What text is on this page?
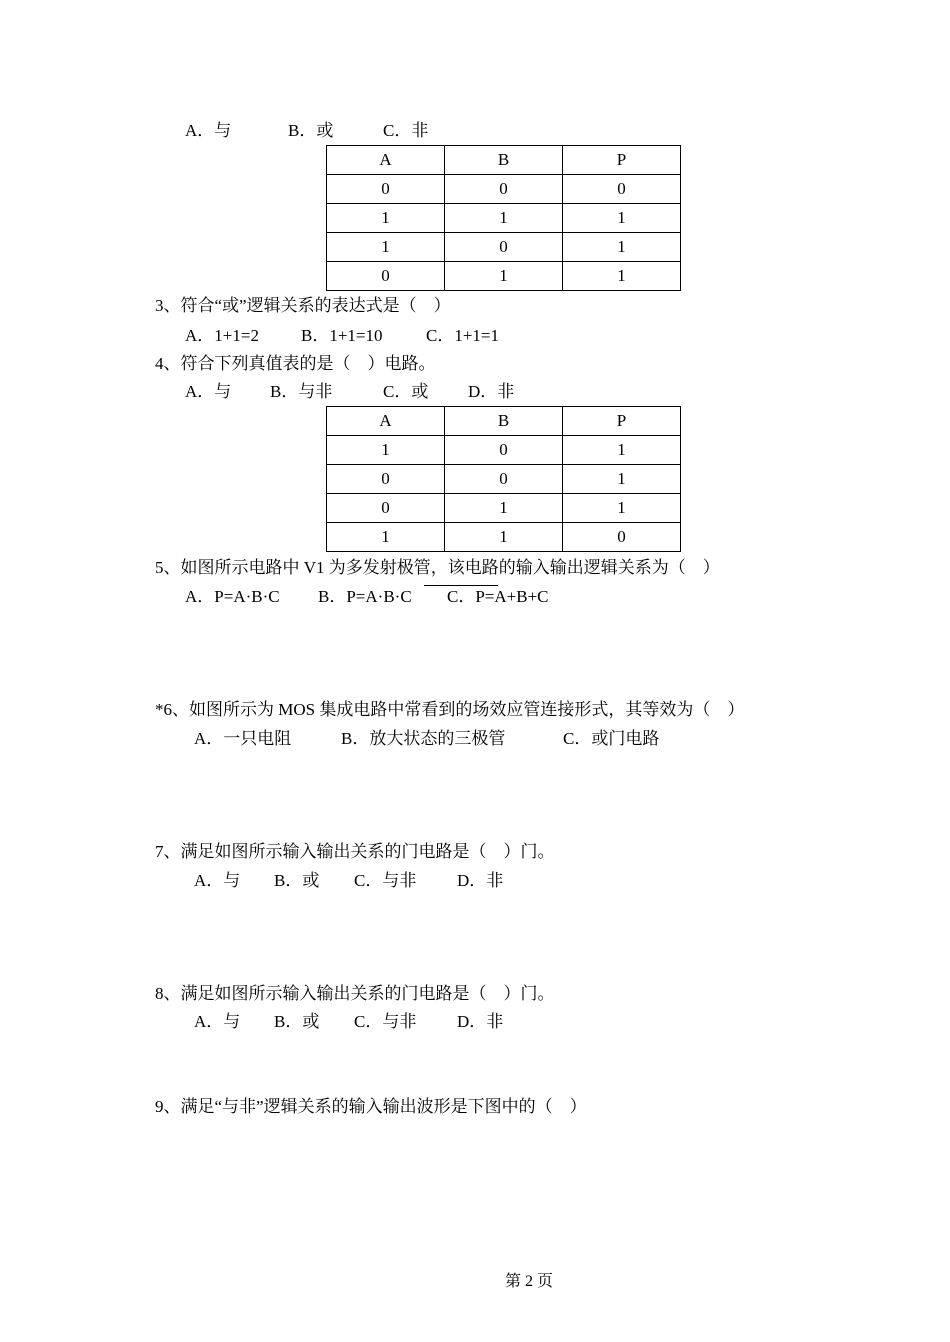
A．与	B．或	C．非
A	B	P
0	0	0
1	1	1
1	0	1
0	1	1
3、符合“或”逻辑关系的表达式是（　）
A．1+1=2 B．1+1=10	C．1+1=1
4、符合下列真值表的是（　）电路。
A．与 B．与非	C．或 D．非
A	B	P
1	0	1
0	0	1
0	1	1
1	1	0
5、如图所示电路中 V1 为多发射极管，该电路的输入输出逻辑关系为（　）
A．P=A·B·C B．P=A·B·C C．P=A+B+C
*6、如图所示为 MOS 集成电路中常看到的场效应管连接形式，其等效为（　）
A．一只电阻	B．放大状态的三极管	C．或门电路
7、满足如图所示输入输出关系的门电路是（　）门。
A．与 B．或 C．与非 D．非
8、满足如图所示输入输出关系的门电路是（　）门。
A．与 B．或 C．与非 D．非
9、满足“与非”逻辑关系的输入输出波形是下图中的（　）
第 2 页
